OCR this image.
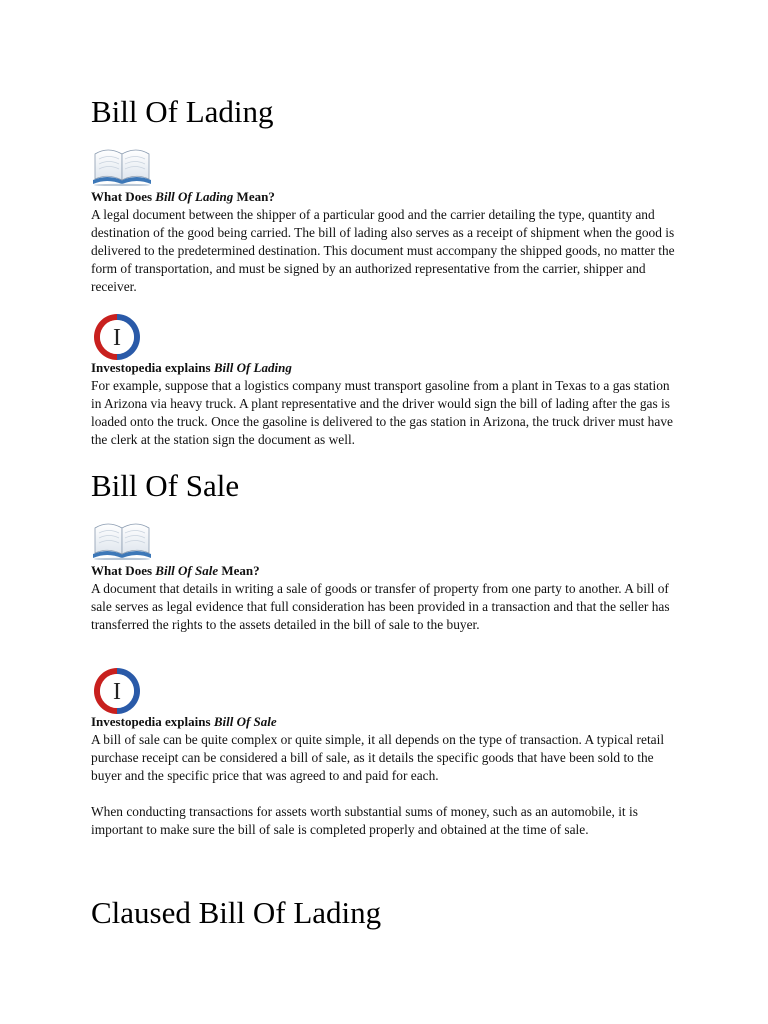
Bill Of Lading
What Does Bill Of Lading Mean?

A legal document between the shipper of a particular good and the carrier detailing the type, quantity and destination of the good being carried. The bill of lading also serves as a receipt of shipment when the good is delivered to the predetermined destination. This document must accompany the shipped goods, no matter the form of transportation, and must be signed by an authorized representative from the carrier, shipper and receiver.

I
Investopedia explains Bill Of Lading

For example, suppose that a logistics company must transport gasoline from a plant in Texas to a gas station in Arizona via heavy truck. A plant representative and the driver would sign the bill of lading after the gas is loaded onto the truck. Once the gasoline is delivered to the gas station in Arizona, the truck driver must have the clerk at the station sign the document as well.

Bill Of Sale
What Does Bill Of Sale Mean?

A document that details in writing a sale of goods or transfer of property from one party to another. A bill of sale serves as legal evidence that full consideration has been provided in a transaction and that the seller has transferred the rights to the assets detailed in the bill of sale to the buyer.

I
Investopedia explains Bill Of Sale

A bill of sale can be quite complex or quite simple, it all depends on the type of transaction. A typical retail purchase receipt can be considered a bill of sale, as it details the specific goods that have been sold to the buyer and the specific price that was agreed to and paid for each.

When conducting transactions for assets worth substantial sums of money, such as an automobile, it is important to make sure the bill of sale is completed properly and obtained at the time of sale.

Claused Bill Of Lading
